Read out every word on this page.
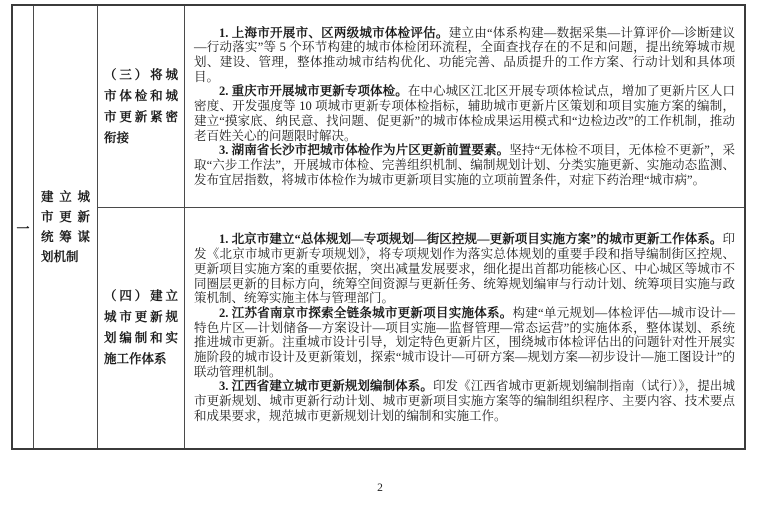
一
建立城市更新统筹谋划机制
（三）将城市体检和城市更新紧密衔接

1. 上海市开展市、区两级城市体检评估。建立由“体系构建—数据采集—计算评价—诊断建议—行动落实”等 5 个环节构建的城市体检闭环流程，全面查找存在的不足和问题，提出统筹城市规划、建设、管理，整体推动城市结构优化、功能完善、品质提升的工作方案、行动计划和具体项目。

2. 重庆市开展城市更新专项体检。在中心城区江北区开展专项体检试点，增加了更新片区人口密度、开发强度等 10 项城市更新专项体检指标，辅助城市更新片区策划和项目实施方案的编制，建立“摸家底、纳民意、找问题、促更新”的城市体检成果运用模式和“边检边改”的工作机制，推动老百姓关心的问题限时解决。

3. 湖南省长沙市把城市体检作为片区更新前置要素。坚持“无体检不项目，无体检不更新”，采取“六步工作法”，开展城市体检、完善组织机制、编制规划计划、分类实施更新、实施动态监测、发布宜居指数，将城市体检作为城市更新项目实施的立项前置条件，对症下药治理“城市病”。

（四）建立城市更新规划编制和实施工作体系

1. 北京市建立“总体规划—专项规划—街区控规—更新项目实施方案”的城市更新工作体系。印发《北京市城市更新专项规划》，将专项规划作为落实总体规划的重要手段和指导编制街区控规、更新项目实施方案的重要依据，突出减量发展要求，细化提出首都功能核心区、中心城区等城市不同圈层更新的目标方向，统筹空间资源与更新任务、统筹规划编审与行动计划、统筹项目实施与政策机制、统筹实施主体与管理部门。

2. 江苏省南京市探索全链条城市更新项目实施体系。构建“单元规划—体检评估—城市设计—特色片区—计划储备—方案设计—项目实施—监督管理—常态运营”的实施体系，整体谋划、系统推进城市更新。注重城市设计引导，划定特色更新片区，围绕城市体检评估出的问题针对性开展实施阶段的城市设计及更新策划，探索“城市设计—可研方案—规划方案—初步设计—施工图设计”的联动管理机制。

3. 江西省建立城市更新规划编制体系。印发《江西省城市更新规划编制指南（试行）》，提出城市更新规划、城市更新行动计划、城市更新项目实施方案等的编制组织程序、主要内容、技术要点和成果要求，规范城市更新规划计划的编制和实施工作。

2
